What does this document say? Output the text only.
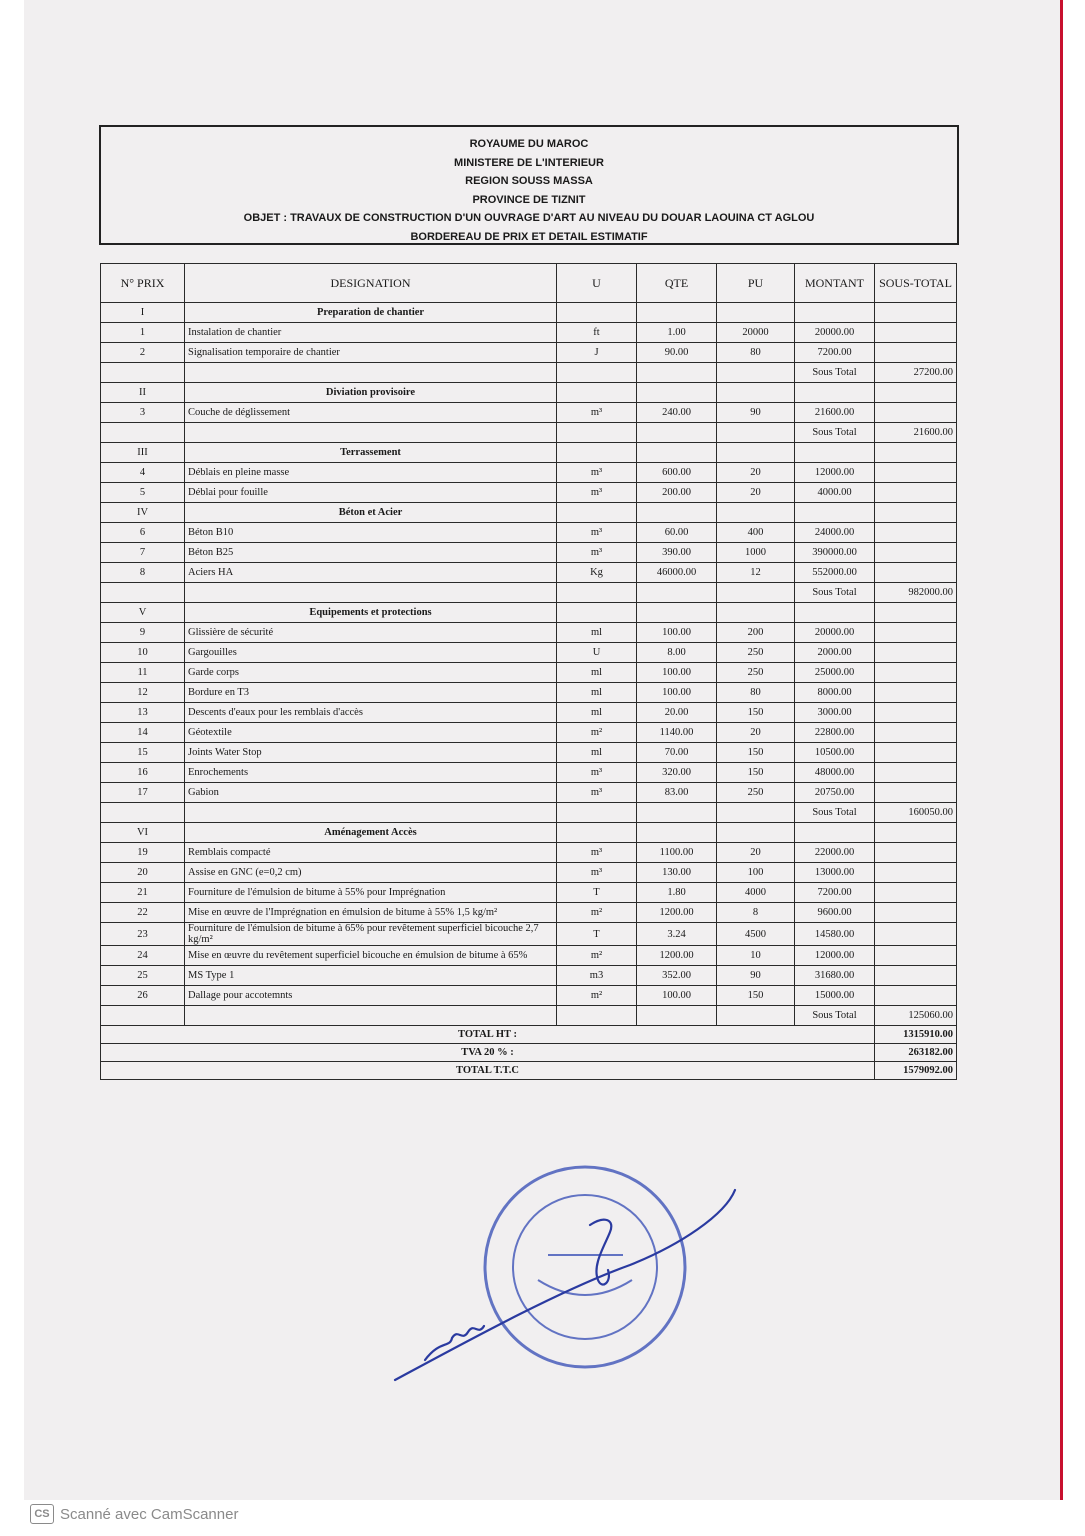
ROYAUME DU MAROC
MINISTERE DE L'INTERIEUR
REGION SOUSS MASSA
PROVINCE DE TIZNIT
OBJET : TRAVAUX DE CONSTRUCTION D'UN OUVRAGE D'ART AU NIVEAU DU DOUAR LAOUINA CT AGLOU
BORDEREAU DE PRIX ET DETAIL ESTIMATIF
N° PRIX	DESIGNATION	U	QTE	PU	MONTANT	SOUS-TOTAL
I	Preparation de chantier					
1	Instalation de chantier	ft	1.00	20000	20000.00	
2	Signalisation temporaire de chantier	J	90.00	80	7200.00	
					Sous Total	27200.00
II	Diviation provisoire					
3	Couche de déglissement	m³	240.00	90	21600.00	
					Sous Total	21600.00
III	Terrassement					
4	Déblais en pleine masse	m³	600.00	20	12000.00	
5	Déblai pour fouille	m³	200.00	20	4000.00	
IV	Béton et Acier					
6	Béton B10	m³	60.00	400	24000.00	
7	Béton B25	m³	390.00	1000	390000.00	
8	Aciers HA	Kg	46000.00	12	552000.00	
					Sous Total	982000.00
V	Equipements et protections					
9	Glissière de sécurité	ml	100.00	200	20000.00	
10	Gargouilles	U	8.00	250	2000.00	
11	Garde corps	ml	100.00	250	25000.00	
12	Bordure en T3	ml	100.00	80	8000.00	
13	Descents d'eaux pour les remblais d'accès	ml	20.00	150	3000.00	
14	Géotextile	m²	1140.00	20	22800.00	
15	Joints Water Stop	ml	70.00	150	10500.00	
16	Enrochements	m³	320.00	150	48000.00	
17	Gabion	m³	83.00	250	20750.00	
					Sous Total	160050.00
VI	Aménagement Accès					
19	Remblais compacté	m³	1100.00	20	22000.00	
20	Assise en GNC (e=0,2 cm)	m³	130.00	100	13000.00	
21	Fourniture de l'émulsion de bitume à 55% pour Imprégnation	T	1.80	4000	7200.00	
22	Mise en œuvre de l'Imprégnation en émulsion de bitume à 55% 1,5 kg/m²	m²	1200.00	8	9600.00	
23	Fourniture de l'émulsion de bitume à 65% pour revêtement superficiel bicouche 2,7 kg/m²	T	3.24	4500	14580.00	
24	Mise en œuvre du revêtement superficiel bicouche en émulsion de bitume à 65%	m²	1200.00	10	12000.00	
25	MS Type 1	m3	352.00	90	31680.00	
26	Dallage pour accotemnts	m²	100.00	150	15000.00	
					Sous Total	125060.00
TOTAL HT :						1315910.00
TVA 20 % :						263182.00
TOTAL T.T.C						1579092.00
CS Scanné avec CamScanner
